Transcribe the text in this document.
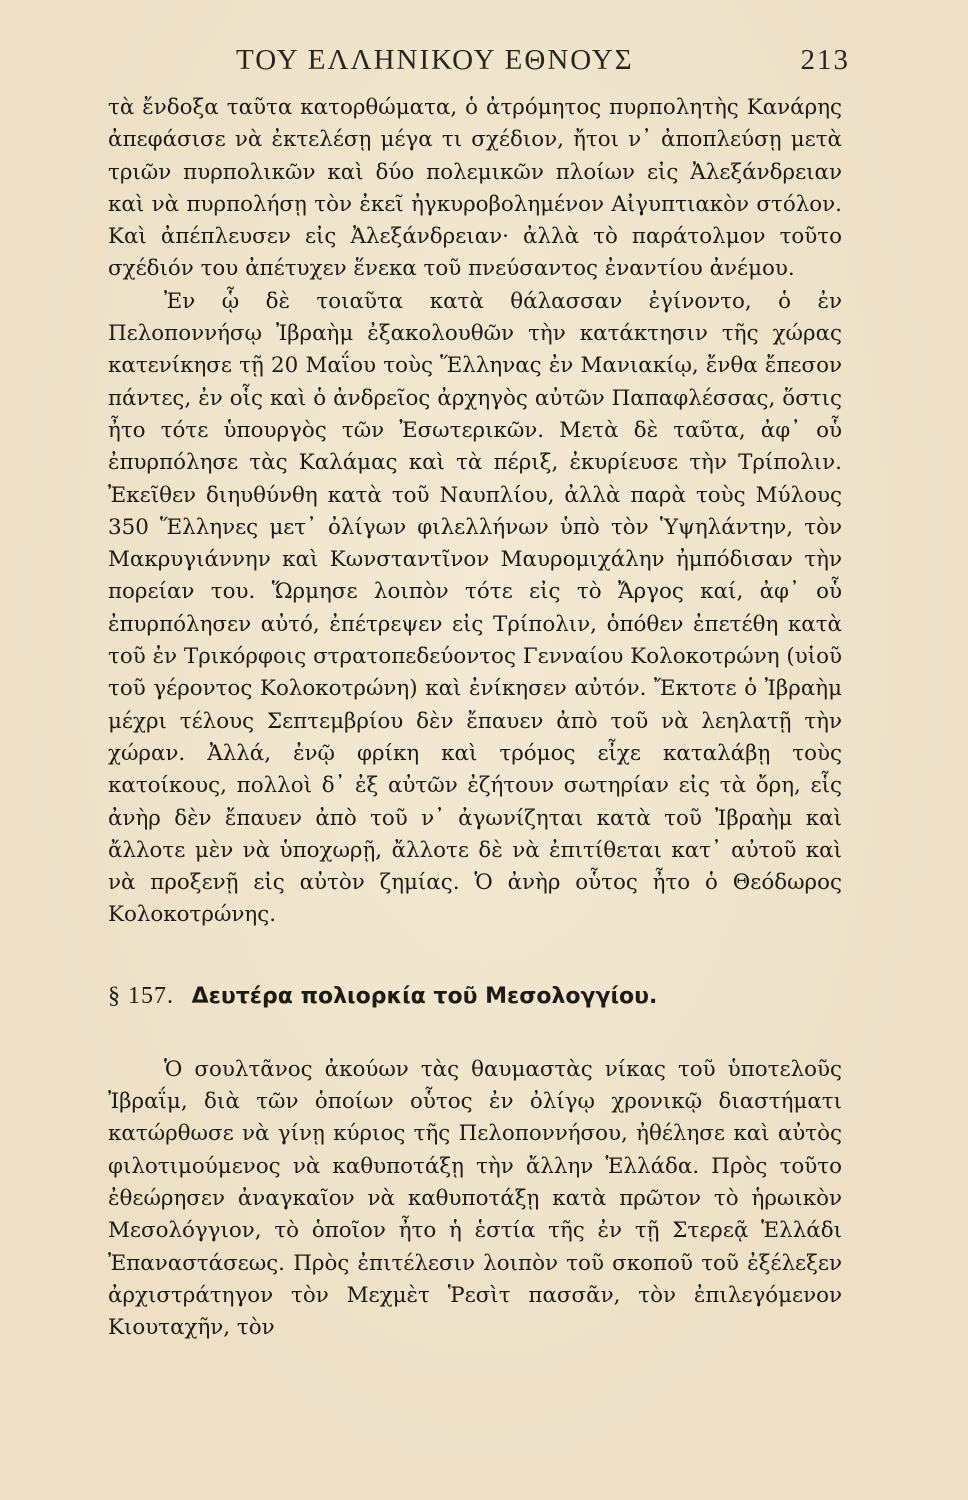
ΤΟΥ ΕΛΛΗΝΙΚΟΥ ΕΘΝΟΥΣ	213

τὰ ἔνδοξα ταῦτα κατορθώματα, ὁ ἀτρόμητος πυρπολητὴς Κανάρης ἀπεφάσισε νὰ ἐκτελέσῃ μέγα τι σχέδιον, ἤτοι ν᾿ ἀποπλεύσῃ μετὰ τριῶν πυρπολικῶν καὶ δύο πολεμικῶν πλοίων εἰς Ἀλεξάνδρειαν καὶ νὰ πυρπολήσῃ τὸν ἐκεῖ ἠγκυροβολημένον Αἰγυπτιακὸν στόλον. Καὶ ἀπέπλευσεν εἰς Ἀλεξάνδρειαν· ἀλλὰ τὸ παράτολμον τοῦτο σχέδιόν του ἀπέτυχεν ἕνεκα τοῦ πνεύσαντος ἐναντίου ἀνέμου.

Ἐν ᾧ δὲ τοιαῦτα κατὰ θάλασσαν ἐγίνοντο, ὁ ἐν Πελοποννήσῳ Ἰβραὴμ ἐξακολουθῶν τὴν κατάκτησιν τῆς χώρας κατενίκησε τῇ 20 Μαΐου τοὺς Ἕλληνας ἐν Μανιακίῳ, ἔνθα ἔπεσον πάντες, ἐν οἷς καὶ ὁ ἀνδρεῖος ἀρχηγὸς αὐτῶν Παπαφλέσσας, ὅστις ἦτο τότε ὑπουργὸς τῶν Ἐσωτερικῶν. Μετὰ δὲ ταῦτα, ἀφ᾿ οὗ ἐπυρπόλησε τὰς Καλάμας καὶ τὰ πέριξ, ἐκυρίευσε τὴν Τρίπολιν. Ἐκεῖθεν διηυθύνθη κατὰ τοῦ Ναυπλίου, ἀλλὰ παρὰ τοὺς Μύλους 350 Ἕλληνες μετ᾿ ὀλίγων φιλελλήνων ὑπὸ τὸν Ὑψηλάντην, τὸν Μακρυγιάννην καὶ Κωνσταντῖνον Μαυρομιχάλην ἠμπόδισαν τὴν πορείαν του. Ὥρμησε λοιπὸν τότε εἰς τὸ Ἄργος καί, ἀφ᾿ οὗ ἐπυρπόλησεν αὐτό, ἐπέτρεψεν εἰς Τρίπολιν, ὁπόθεν ἐπετέθη κατὰ τοῦ ἐν Τρικόρφοις στρατοπεδεύοντος Γενναίου Κολοκοτρώνη (υἱοῦ τοῦ γέροντος Κολοκοτρώνη) καὶ ἐνίκησεν αὐτόν. Ἔκτοτε ὁ Ἰβραὴμ μέχρι τέλους Σεπτεμβρίου δὲν ἔπαυεν ἀπὸ τοῦ νὰ λεηλατῇ τὴν χώραν. Ἀλλά, ἐνῷ φρίκη καὶ τρόμος εἶχε καταλάβῃ τοὺς κατοίκους, πολλοὶ δ᾿ ἐξ αὐτῶν ἐζήτουν σωτηρίαν εἰς τὰ ὄρη, εἷς ἀνὴρ δὲν ἔπαυεν ἀπὸ τοῦ ν᾿ ἀγωνίζηται κατὰ τοῦ Ἰβραὴμ καὶ ἄλλοτε μὲν νὰ ὑποχωρῇ, ἄλλοτε δὲ νὰ ἐπιτίθεται κατ᾿ αὐτοῦ καὶ νὰ προξενῇ εἰς αὐτὸν ζημίας. Ὁ ἀνὴρ οὗτος ἦτο ὁ Θεόδωρος Κολοκοτρώνης.

§ 157. Δευτέρα πολιορκία τοῦ Μεσολογγίου.

Ὁ σουλτᾶνος ἀκούων τὰς θαυμαστὰς νίκας τοῦ ὑποτελοῦς Ἰβραΐμ, διὰ τῶν ὁποίων οὗτος ἐν ὀλίγῳ χρονικῷ διαστήματι κατώρθωσε νὰ γίνῃ κύριος τῆς Πελοποννήσου, ἠθέλησε καὶ αὐτὸς φιλοτιμούμενος νὰ καθυποτάξῃ τὴν ἄλλην Ἑλλάδα. Πρὸς τοῦτο ἐθεώρησεν ἀναγκαῖον νὰ καθυποτάξῃ κατὰ πρῶτον τὸ ἡρωικὸν Μεσολόγγιον, τὸ ὁποῖον ἦτο ἡ ἑστία τῆς ἐν τῇ Στερεᾷ Ἑλλάδι Ἐπαναστάσεως. Πρὸς ἐπιτέλεσιν λοιπὸν τοῦ σκοποῦ τοῦ ἐξέλεξεν ἀρχιστράτηγον τὸν Μεχμὲτ Ῥεσὶτ πασσᾶν, τὸν ἐπιλεγόμενον Κιουταχῆν, τὸν
